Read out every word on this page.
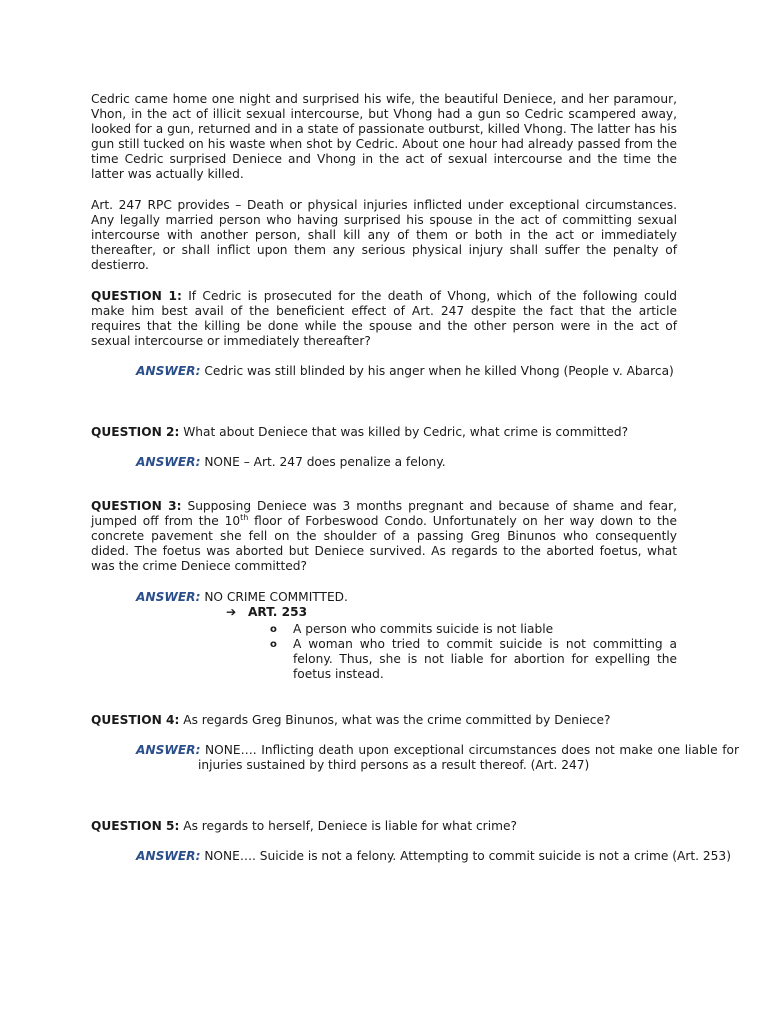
Cedric came home one night and surprised his wife, the beautiful Deniece, and her paramour, Vhon, in the act of illicit sexual intercourse, but Vhong had a gun so Cedric scampered away, looked for a gun, returned and in a state of passionate outburst, killed Vhong. The latter has his gun still tucked on his waste when shot by Cedric. About one hour had already passed from the time Cedric surprised Deniece and Vhong in the act of sexual intercourse and the time the latter was actually killed.

Art. 247 RPC provides – Death or physical injuries inflicted under exceptional circumstances. Any legally married person who having surprised his spouse in the act of committing sexual intercourse with another person, shall kill any of them or both in the act or immediately thereafter, or shall inflict upon them any serious physical injury shall suffer the penalty of destierro.

QUESTION 1: If Cedric is prosecuted for the death of Vhong, which of the following could make him best avail of the beneficient effect of Art. 247 despite the fact that the article requires that the killing be done while the spouse and the other person were in the act of sexual intercourse or immediately thereafter?

ANSWER: Cedric was still blinded by his anger when he killed Vhong (People v. Abarca)

QUESTION 2: What about Deniece that was killed by Cedric, what crime is committed?

ANSWER: NONE – Art. 247 does penalize a felony.

QUESTION 3: Supposing Deniece was 3 months pregnant and because of shame and fear, jumped off from the 10th floor of Forbeswood Condo. Unfortunately on her way down to the concrete pavement she fell on the shoulder of a passing Greg Binunos who consequently dided. The foetus was aborted but Deniece survived. As regards to the aborted foetus, what was the crime Deniece committed?

ANSWER: NO CRIME COMMITTED.

➔ ART. 253
o	A person who commits suicide is not liable
o	A woman who tried to commit suicide is not committing a felony. Thus, she is not liable for abortion for expelling the foetus instead.

QUESTION 4: As regards Greg Binunos, what was the crime committed by Deniece?

ANSWER: NONE…. Inflicting death upon exceptional circumstances does not make one liable for injuries sustained by third persons as a result thereof. (Art. 247)

QUESTION 5: As regards to herself, Deniece is liable for what crime?

ANSWER: NONE…. Suicide is not a felony. Attempting to commit suicide is not a crime (Art. 253)
